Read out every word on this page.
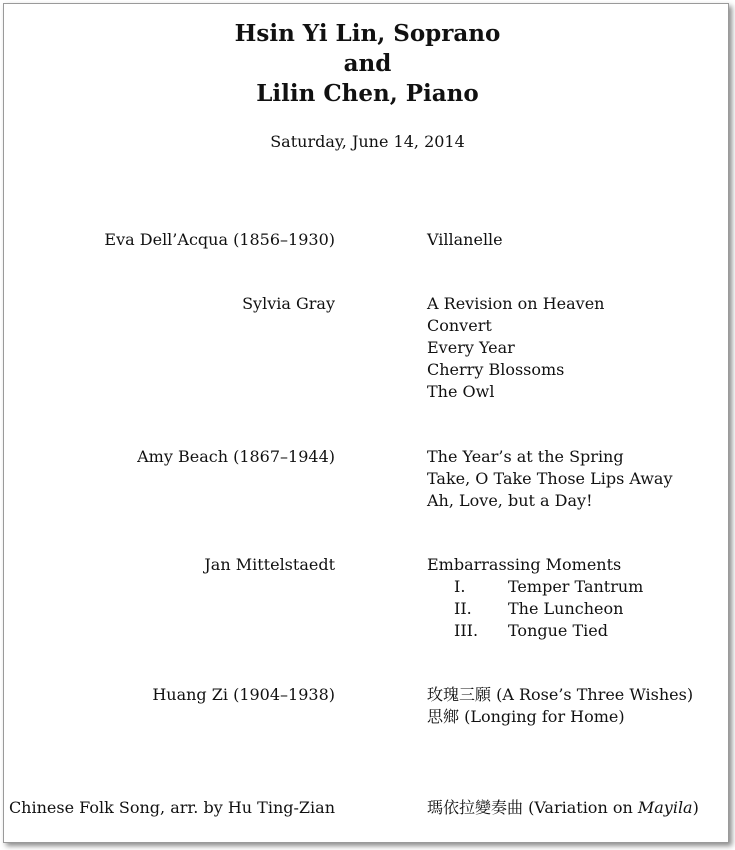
Hsin Yi Lin, Soprano
and
Lilin Chen, Piano
Saturday, June 14, 2014
Eva Dell’Acqua (1856–1930)	Villanelle
Sylvia Gray	A Revision on Heaven
Convert
Every Year
Cherry Blossoms
The Owl
Amy Beach (1867–1944)	The Year’s at the Spring
Take, O Take Those Lips Away
Ah, Love, but a Day!
Jan Mittelstaedt	Embarrassing Moments
I.	Temper Tantrum
II. The Luncheon
III. Tongue Tied
Huang Zi (1904–1938)	玫瑰三願 (A Rose’s Three Wishes)
思鄉 (Longing for Home)
Chinese Folk Song, arr. by Hu Ting-Zian	瑪依拉變奏曲 (Variation on Mayila)
